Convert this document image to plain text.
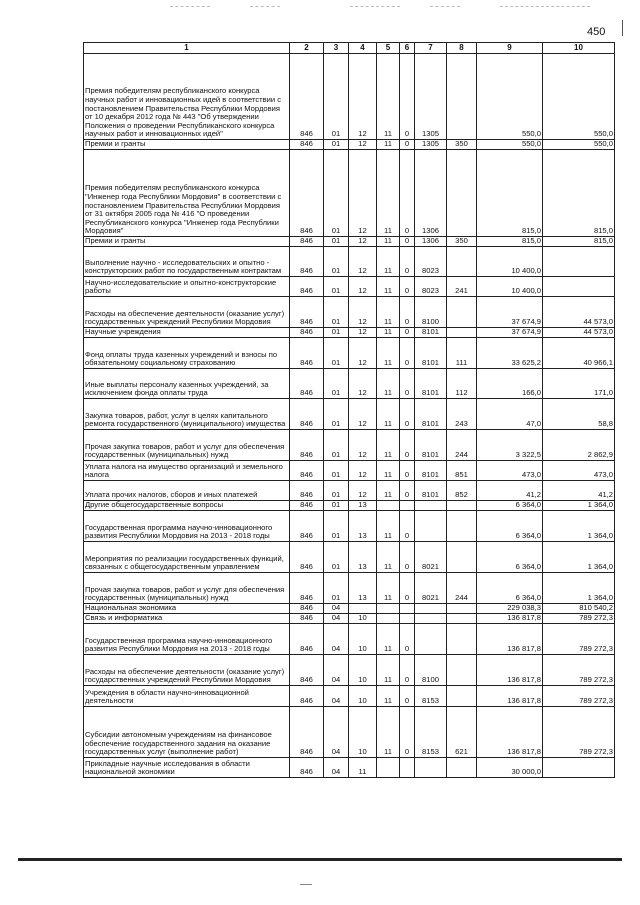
450
1	2	3	4	5	6	7	8	9	10
Премия победителям республиканского конкурса научных работ и инновационных идей в соответствии с постановлением Правительства Республики Мордовия от 10 декабря 2012 года № 443 "Об утверждении Положения о проведении Республиканского конкурса научных работ и инновационных идей"	846	01	12	11	0	1305		550,0	550,0
Премии и гранты	846	01	12	11	0	1305	350	550,0	550,0
Премия победителям республиканского конкурса "Инженер года Республики Мордовия" в соответствии с постановлением Правительства Республики Мордовия от 31 октября 2005 года № 416 "О проведении Республиканского конкурса "Инженер года Республики Мордовия"	846	01	12	11	0	1306		815,0	815,0
Премии и гранты	846	01	12	11	0	1306	350	815,0	815,0
Выполнение научно - исследовательских и опытно - конструкторских работ по государственным контрактам	846	01	12	11	0	8023		10 400,0	
Научно-исследовательские и опытно-конструкторские работы	846	01	12	11	0	8023	241	10 400,0	
Расходы на обеспечение деятельности (оказание услуг) государственных учреждений Республики Мордовия	846	01	12	11	0	8100		37 674,9	44 573,0
Научные учреждения	846	01	12	11	0	8101		37 674,9	44 573,0
Фонд оплаты труда казенных учреждений и взносы по обязательному социальному страхованию	846	01	12	11	0	8101	111	33 625,2	40 966,1
Иные выплаты персоналу казенных учреждений, за исключением фонда оплаты труда	846	01	12	11	0	8101	112	166,0	171,0
Закупка товаров, работ, услуг в целях капитального ремонта государственного (муниципального) имущества	846	01	12	11	0	8101	243	47,0	58,8
Прочая закупка товаров, работ и услуг для обеспечения государственных (муниципальных) нужд	846	01	12	11	0	8101	244	3 322,5	2 862,9
Уплата налога на имущество организаций и земельного налога	846	01	12	11	0	8101	851	473,0	473,0
Уплата прочих налогов, сборов и иных платежей	846	01	12	11	0	8101	852	41,2	41,2
Другие общегосударственные вопросы	846	01	13					6 364,0	1 364,0
Государственная программа научно-инновационного развития Республики Мордовия на 2013 - 2018 годы	846	01	13	11	0			6 364,0	1 364,0
Мероприятия по реализации государственных функций, связанных с общегосударственным управлением	846	01	13	11	0	8021		6 364,0	1 364,0
Прочая закупка товаров, работ и услуг для обеспечения государственных (муниципальных) нужд	846	01	13	11	0	8021	244	6 364,0	1 364,0
Национальная экономика	846	04						229 038,3	810 540,2
Связь и информатика	846	04	10					136 817,8	789 272,3
Государственная программа научно-инновационного развития Республики Мордовия на 2013 - 2018 годы	846	04	10	11	0			136 817,8	789 272,3
Расходы на обеспечение деятельности (оказание услуг) государственных учреждений Республики Мордовия	846	04	10	11	0	8100		136 817,8	789 272,3
Учреждения в области научно-инновационной деятельности	846	04	10	11	0	8153		136 817,8	789 272,3
Субсидии автономным учреждениям на финансовое обеспечение государственного задания на оказание государственных услуг (выполнение работ)	846	04	10	11	0	8153	621	136 817,8	789 272,3
Прикладные научные исследования в области национальной экономики	846	04	11					30 000,0	
